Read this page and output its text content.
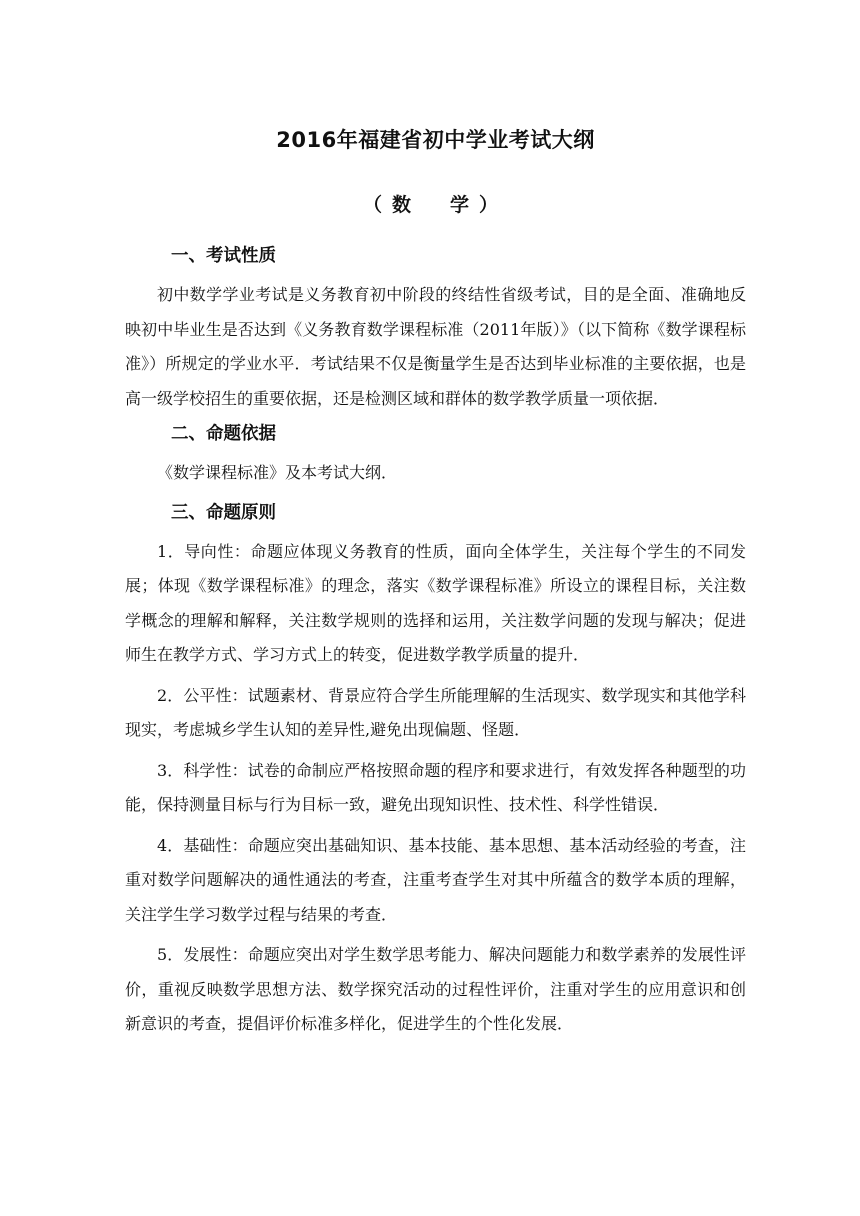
2016年福建省初中学业考试大纲
（数　学）
一、考试性质

初中数学学业考试是义务教育初中阶段的终结性省级考试，目的是全面、准确地反映初中毕业生是否达到《义务教育数学课程标准（2011年版）》（以下简称《数学课程标准》）所规定的学业水平．考试结果不仅是衡量学生是否达到毕业标准的主要依据，也是高一级学校招生的重要依据，还是检测区域和群体的数学教学质量一项依据．

二、命题依据

《数学课程标准》及本考试大纲．

三、命题原则

1．导向性：命题应体现义务教育的性质，面向全体学生，关注每个学生的不同发展；体现《数学课程标准》的理念，落实《数学课程标准》所设立的课程目标，关注数学概念的理解和解释，关注数学规则的选择和运用，关注数学问题的发现与解决；促进师生在教学方式、学习方式上的转变，促进数学教学质量的提升．

2．公平性：试题素材、背景应符合学生所能理解的生活现实、数学现实和其他学科现实，考虑城乡学生认知的差异性,避免出现偏题、怪题．

3．科学性：试卷的命制应严格按照命题的程序和要求进行，有效发挥各种题型的功能，保持测量目标与行为目标一致，避免出现知识性、技术性、科学性错误．

4．基础性：命题应突出基础知识、基本技能、基本思想、基本活动经验的考查，注重对数学问题解决的通性通法的考查，注重考查学生对其中所蕴含的数学本质的理解，关注学生学习数学过程与结果的考查．

5．发展性：命题应突出对学生数学思考能力、解决问题能力和数学素养的发展性评价，重视反映数学思想方法、数学探究活动的过程性评价，注重对学生的应用意识和创新意识的考查，提倡评价标准多样化，促进学生的个性化发展．
